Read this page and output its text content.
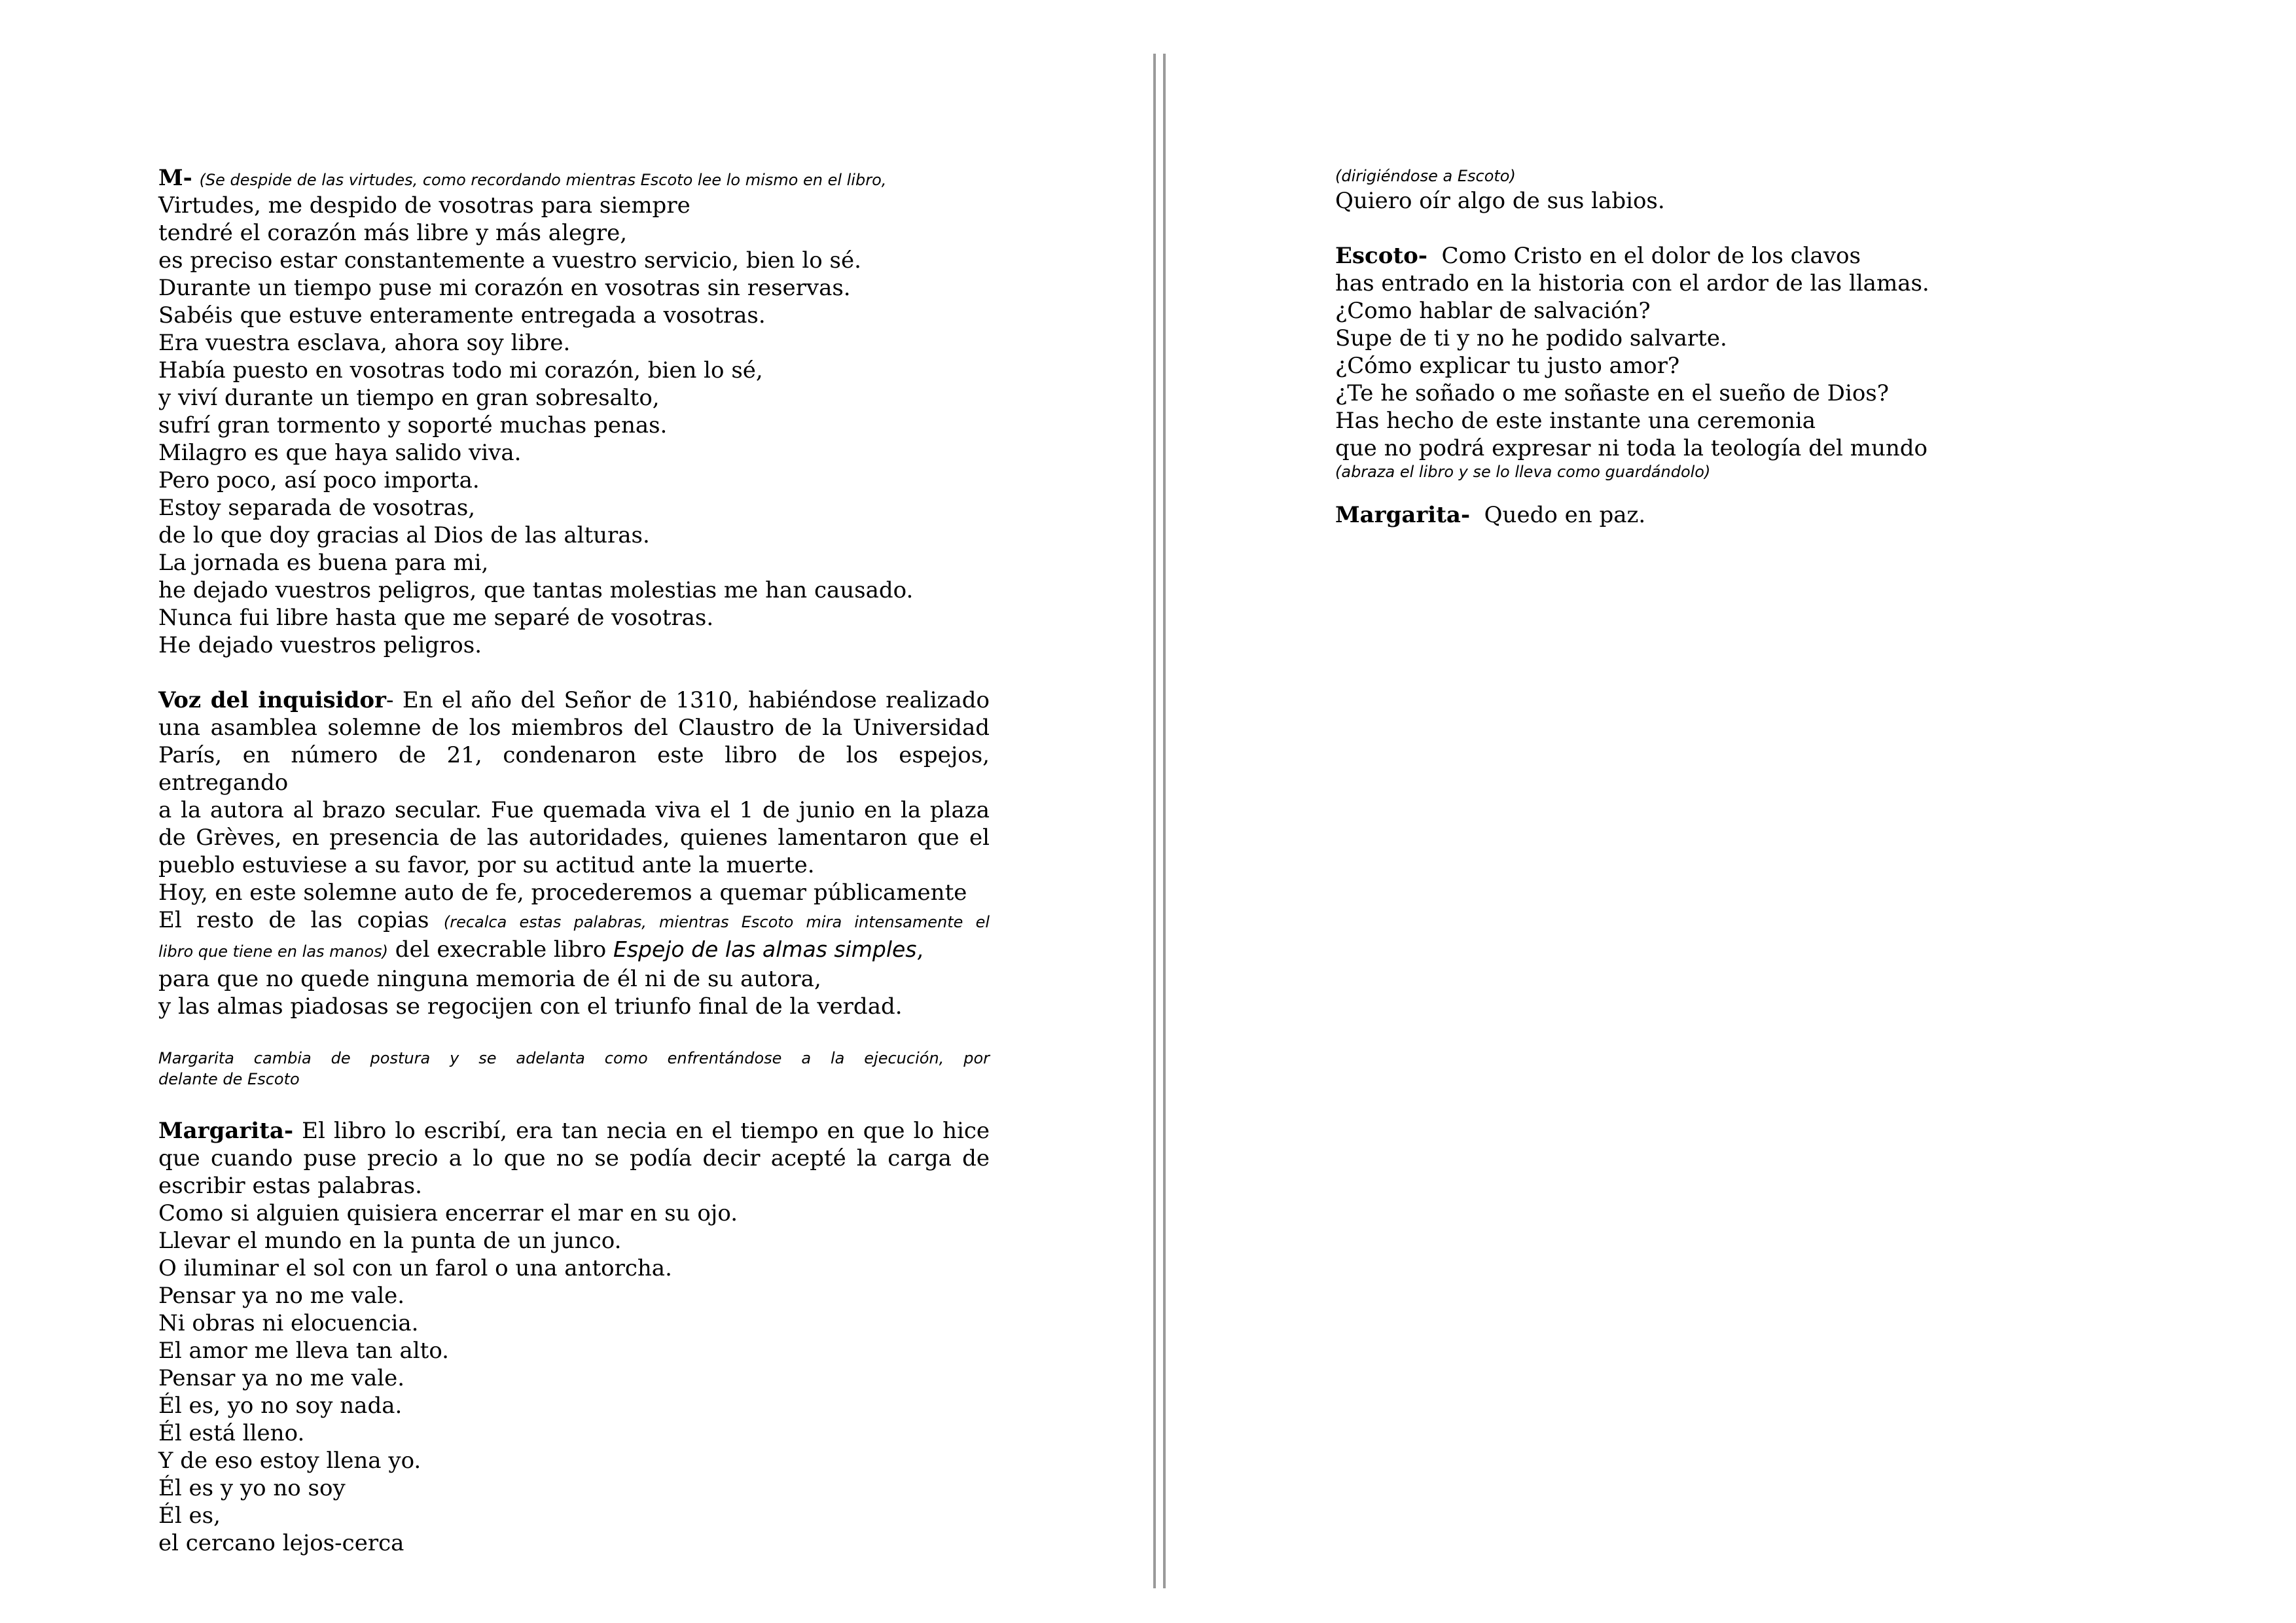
M- (Se despide de las virtudes, como recordando mientras Escoto lee lo mismo en el libro,
Virtudes, me despido de vosotras para siempre
tendré el corazón más libre y más alegre,
es preciso estar constantemente a vuestro servicio, bien lo sé.
Durante un tiempo puse mi corazón en vosotras sin reservas.
Sabéis que estuve enteramente entregada a vosotras.
Era vuestra esclava, ahora soy libre.
Había puesto en vosotras todo mi corazón, bien lo sé,
y viví durante un tiempo en gran sobresalto,
sufrí gran tormento y soporté muchas penas.
Milagro es que haya salido viva.
Pero poco, así poco importa.
Estoy separada de vosotras,
de lo que doy gracias al Dios de las alturas.
La jornada es buena para mi,
he dejado vuestros peligros, que tantas molestias me han causado.
Nunca fui libre hasta que me separé de vosotras.
He dejado vuestros peligros.
Voz del inquisidor- En el año del Señor de 1310, habiéndose realizado
una asamblea solemne de los miembros del Claustro de la Universidad
París, en número de 21, condenaron este libro de los espejos, entregando
a la autora al brazo secular. Fue quemada viva el 1 de junio en la plaza
de Grèves, en presencia de las autoridades, quienes lamentaron que el
pueblo estuviese a su favor, por su actitud ante la muerte.
Hoy, en este solemne auto de fe, procederemos a quemar públicamente
El resto de las copias (recalca estas palabras, mientras Escoto mira intensamente el
libro que tiene en las manos) del execrable libro Espejo de las almas simples,
para que no quede ninguna memoria de él ni de su autora,
y las almas piadosas se regocijen con el triunfo final de la verdad.
Margarita cambia de postura y se adelanta como enfrentándose a la ejecución, por
delante de Escoto
Margarita- El libro lo escribí, era tan necia en el tiempo en que lo hice
que cuando puse precio a lo que no se podía decir acepté la carga de
escribir estas palabras.
Como si alguien quisiera encerrar el mar en su ojo.
Llevar el mundo en la punta de un junco.
O iluminar el sol con un farol o una antorcha.
Pensar ya no me vale.
Ni obras ni elocuencia.
El amor me lleva tan alto.
Pensar ya no me vale.
Él es, yo no soy nada.
Él está lleno.
Y de eso estoy llena yo.
Él es y yo no soy
Él es,
el cercano lejos-cerca
(dirigiéndose a Escoto)
Quiero oír algo de sus labios.
Escoto-  Como Cristo en el dolor de los clavos
has entrado en la historia con el ardor de las llamas.
¿Como hablar de salvación?
Supe de ti y no he podido salvarte.
¿Cómo explicar tu justo amor?
¿Te he soñado o me soñaste en el sueño de Dios?
Has hecho de este instante una ceremonia
que no podrá expresar ni toda la teología del mundo
(abraza el libro y se lo lleva como guardándolo)
Margarita-  Quedo en paz.
